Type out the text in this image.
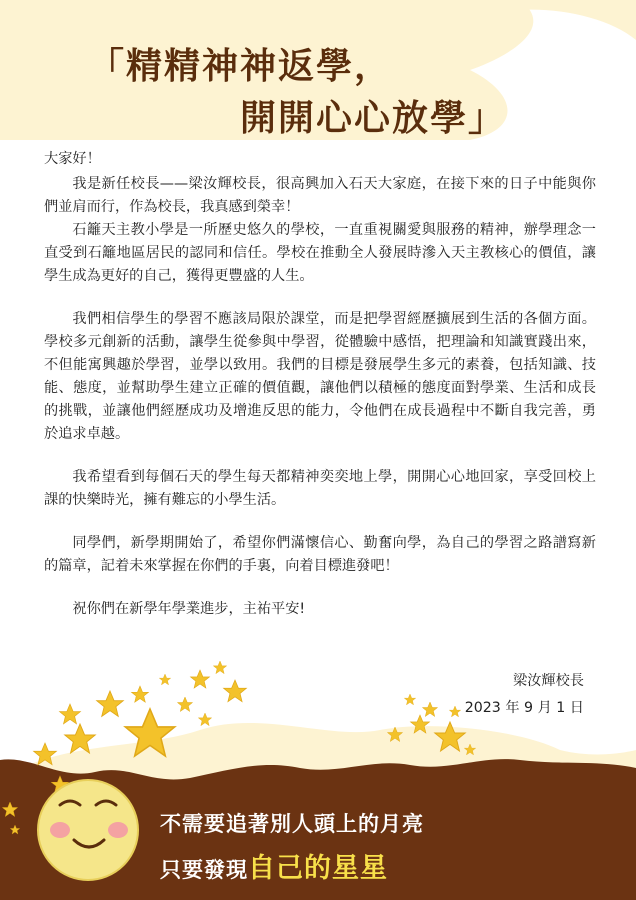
「精精神神返學，
開開心心放學」

大家好！

我是新任校長——梁汝輝校長，很高興加入石天大家庭，在接下來的日子中能與你們並肩而行，作為校長，我真感到榮幸！

石籬天主教小學是一所歷史悠久的學校，一直重視關愛與服務的精神，辦學理念一直受到石籬地區居民的認同和信任。學校在推動全人發展時滲入天主教核心的價值，讓學生成為更好的自己，獲得更豐盛的人生。

我們相信學生的學習不應該局限於課堂，而是把學習經歷擴展到生活的各個方面。學校多元創新的活動，讓學生從參與中學習，從體驗中感悟，把理論和知識實踐出來，不但能寓興趣於學習，並學以致用。我們的目標是發展學生多元的素養，包括知識、技能、態度，並幫助學生建立正確的價值觀，讓他們以積極的態度面對學業、生活和成長的挑戰，並讓他們經歷成功及增進反思的能力，令他們在成長過程中不斷自我完善，勇於追求卓越。

我希望看到每個石天的學生每天都精神奕奕地上學，開開心心地回家，享受回校上課的快樂時光，擁有難忘的小學生活。

同學們，新學期開始了，希望你們滿懷信心、勤奮向學，為自己的學習之路譜寫新的篇章，記着未來掌握在你們的手裏，向着目標進發吧！

祝你們在新學年學業進步，主祐平安!

梁汝輝校長
2023 年 9 月 1 日
不需要追著別人頭上的月亮
只要發現自己的星星
